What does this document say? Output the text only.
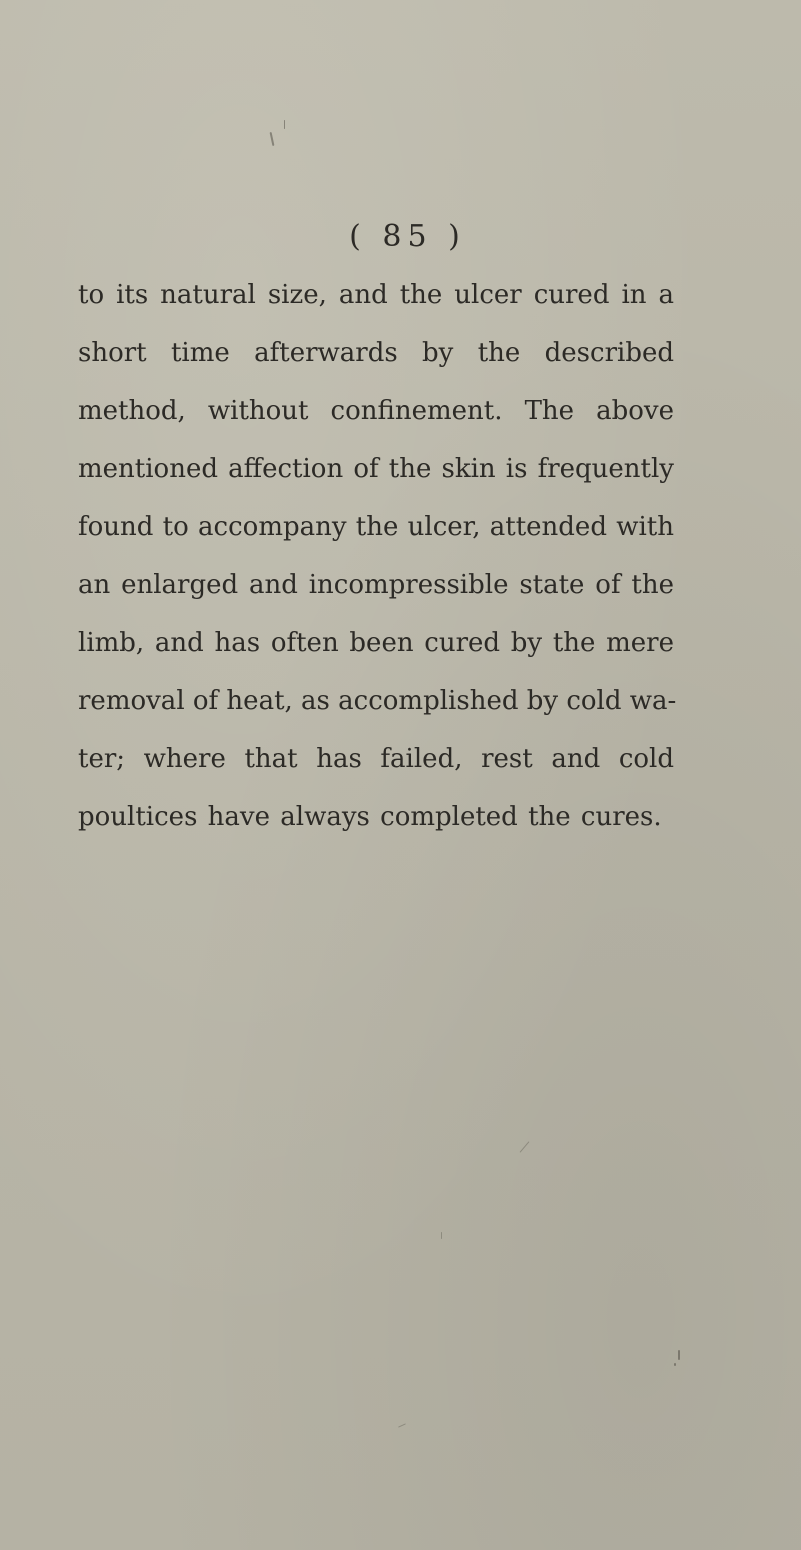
( 85 )
to its natural size, and the ulcer cured in a
short time afterwards by the described
method, without confinement. The above
mentioned affection of the skin is frequently
found to accompany the ulcer, attended with
an enlarged and incompressible state of the
limb, and has often been cured by the mere
removal of heat, as accomplished by cold wa-
ter; where that has failed, rest and cold
poultices have always completed the cures.
